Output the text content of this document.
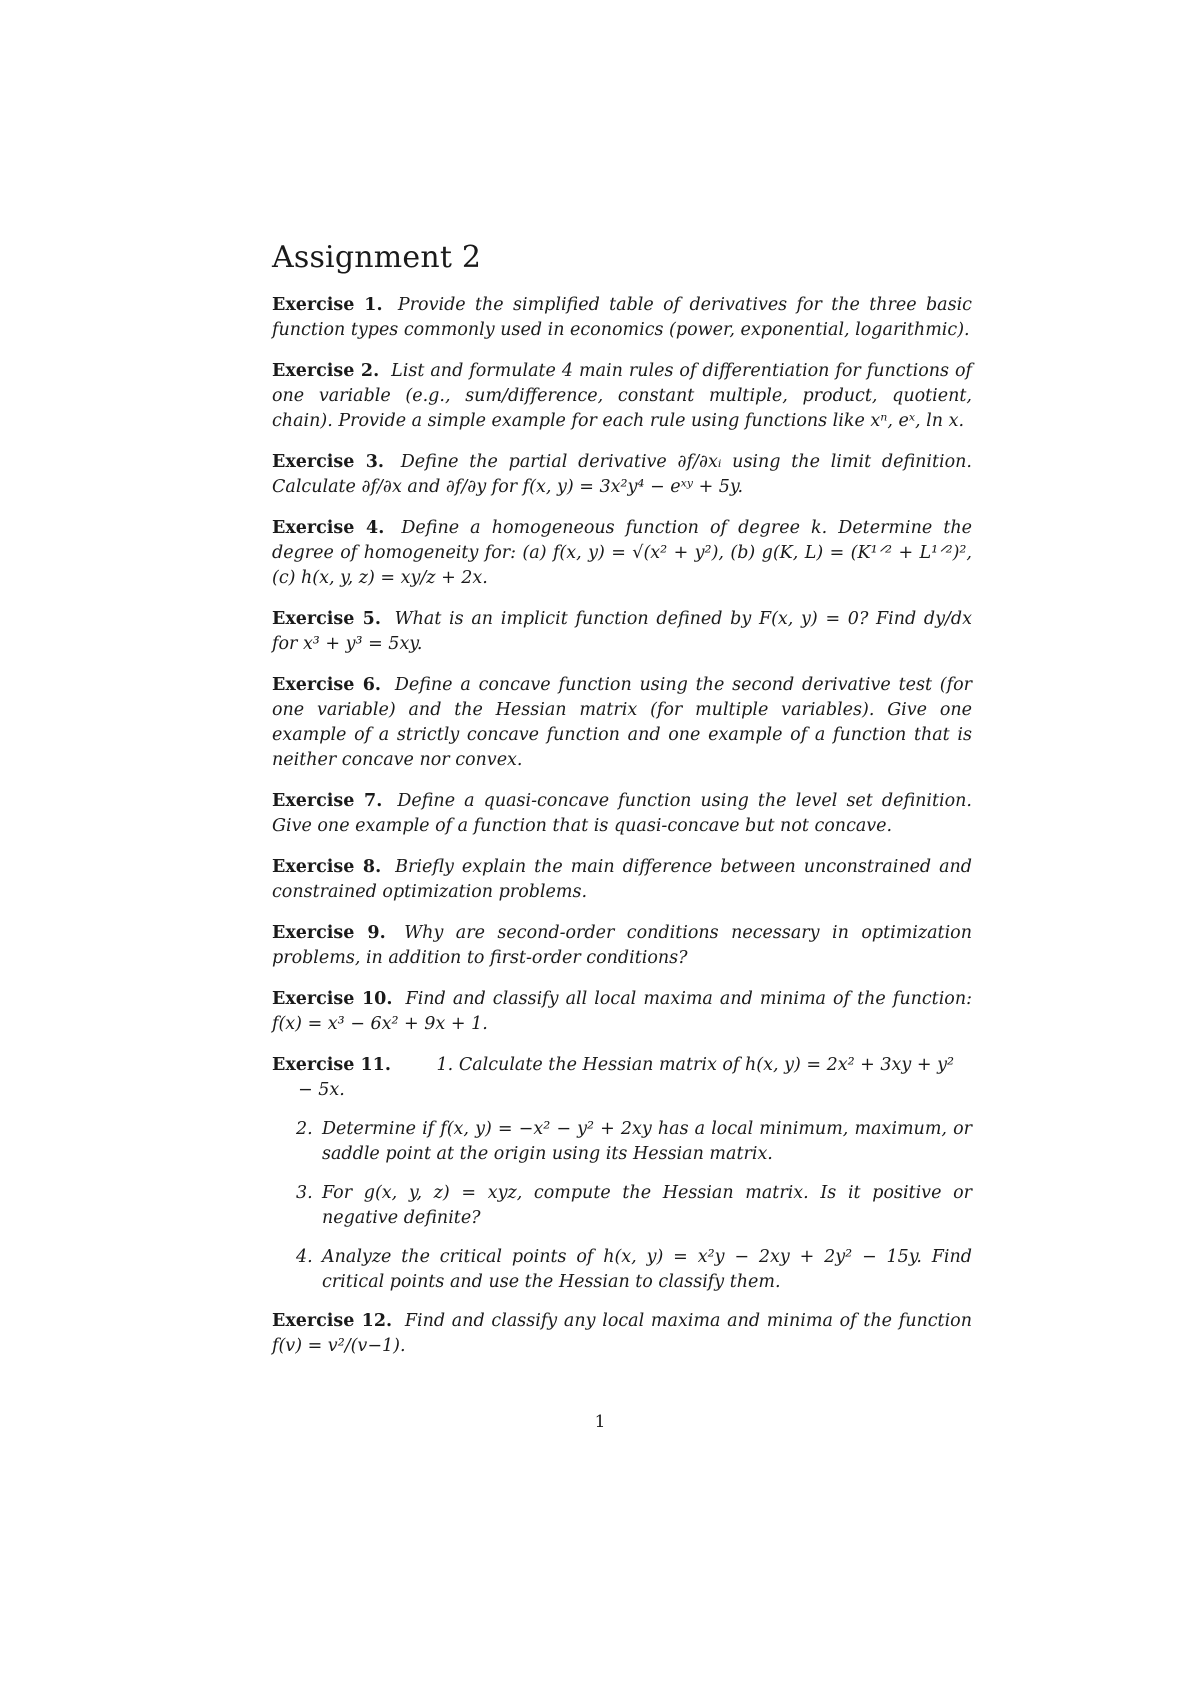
Assignment 2

Exercise 1. Provide the simplified table of derivatives for the three basic function types commonly used in economics (power, exponential, logarithmic).

Exercise 2. List and formulate 4 main rules of differentiation for functions of one variable (e.g., sum/difference, constant multiple, product, quotient, chain). Provide a simple example for each rule using functions like xⁿ, eˣ, ln x.

Exercise 3. Define the partial derivative ∂f/∂xᵢ using the limit definition. Calculate ∂f/∂x and ∂f/∂y for f(x, y) = 3x²y⁴ − eˣʸ + 5y.

Exercise 4. Define a homogeneous function of degree k. Determine the degree of homogeneity for: (a) f(x, y) = √(x² + y²), (b) g(K, L) = (K¹ᐟ² + L¹ᐟ²)², (c) h(x, y, z) = xy/z + 2x.

Exercise 5. What is an implicit function defined by F(x, y) = 0? Find dy/dx for x³ + y³ = 5xy.

Exercise 6. Define a concave function using the second derivative test (for one variable) and the Hessian matrix (for multiple variables). Give one example of a strictly concave function and one example of a function that is neither concave nor convex.

Exercise 7. Define a quasi-concave function using the level set definition. Give one example of a function that is quasi-concave but not concave.

Exercise 8. Briefly explain the main difference between unconstrained and constrained optimization problems.

Exercise 9. Why are second-order conditions necessary in optimization problems, in addition to first-order conditions?

Exercise 10. Find and classify all local maxima and minima of the function: f(x) = x³ − 6x² + 9x + 1.

Exercise 11.	1. Calculate the Hessian matrix of h(x, y) = 2x² + 3xy + y² − 5x.

2. Determine if f(x, y) = −x² − y² + 2xy has a local minimum, maximum, or saddle point at the origin using its Hessian matrix.
3. For g(x, y, z) = xyz, compute the Hessian matrix. Is it positive or negative definite?
4. Analyze the critical points of h(x, y) = x²y − 2xy + 2y² − 15y. Find critical points and use the Hessian to classify them.

Exercise 12. Find and classify any local maxima and minima of the function f(v) = v²/(v−1).

1
